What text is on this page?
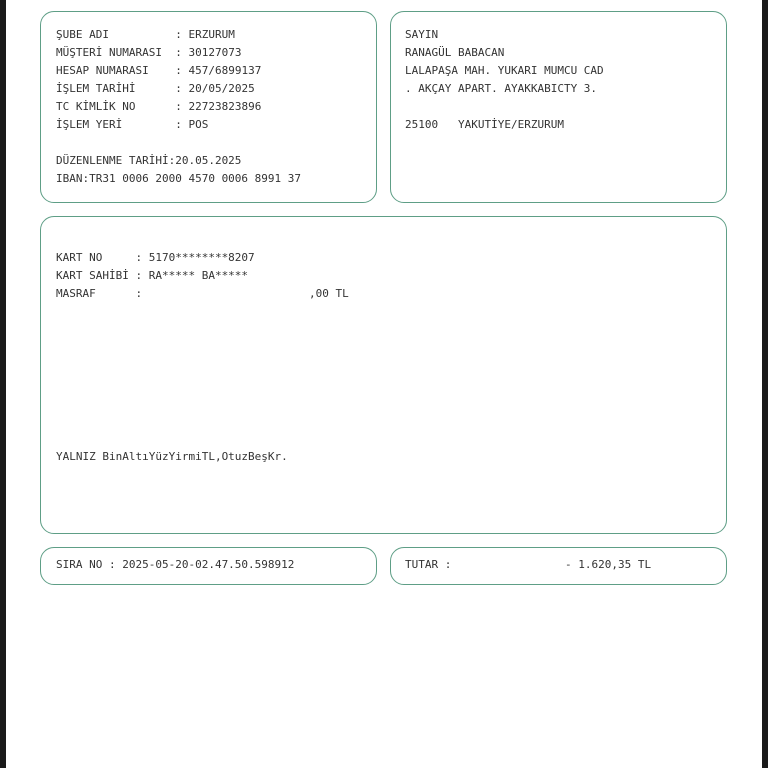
ŞUBE ADI          : ERZURUM
MÜŞTERİ NUMARASI  : 30127073
HESAP NUMARASI    : 457/6899137
İŞLEM TARİHİ      : 20/05/2025
TC KİMLİK NO      : 22723823896
İŞLEM YERİ        : POS
DÜZENLENME TARİHİ:20.05.2025
IBAN:TR31 0006 2000 4570 0006 8991 37
SAYIN
RANAGÜL BABACAN
LALAPAŞA MAH. YUKARI MUMCU CAD
. AKÇAY APART. AYAKKABICTY 3.
25100   YAKUTİYE/ERZURUM
KART NO     : 5170********8207
KART SAHİBİ : RA***** BA*****
MASRAF      :	,00 TL
YALNIZ BinAltıYüzYirmiTL,OtuzBeşKr.
SIRA NO : 2025-05-20-02.47.50.598912	TUTAR :	- 1.620,35 TL
